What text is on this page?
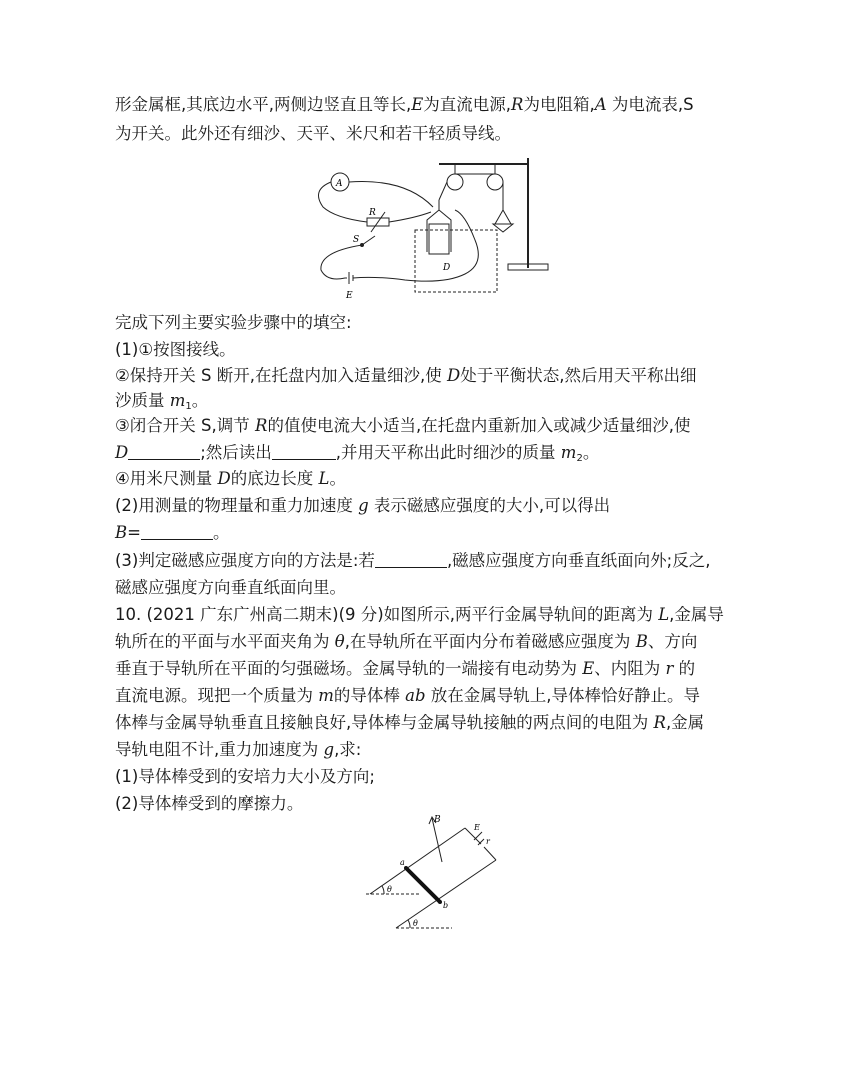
形金属框,其底边水平,两侧边竖直且等长,E为直流电源,R为电阻箱,A 为电流表,S
为开关。此外还有细沙、天平、米尺和若干轻质导线。
A
R
S
D
E
完成下列主要实验步骤中的填空:
(1)①按图接线。
②保持开关 S 断开,在托盘内加入适量细沙,使 D处于平衡状态,然后用天平称出细
沙质量 $m_1$。
③闭合开关 S,调节 R的值使电流大小适当,在托盘内重新加入或减少适量细沙,使
D	;然后读出	,并用天平称出此时细沙的质量 $m_2$。
④用米尺测量 D的底边长度 L。
(2)用测量的物理量和重力加速度 g 表示磁感应强度的大小,可以得出
B=	。
(3)判定磁感应强度方向的方法是:若	,磁感应强度方向垂直纸面向外;反之,
磁感应强度方向垂直纸面向里。
10. (2021 广东广州高二期末)(9 分)如图所示,两平行金属导轨间的距离为 L,金属导
轨所在的平面与水平面夹角为 θ,在导轨所在平面内分布着磁感应强度为 B、方向
垂直于导轨所在平面的匀强磁场。金属导轨的一端接有电动势为 E、内阻为 r 的
直流电源。现把一个质量为 m的导体棒 ab 放在金属导轨上,导体棒恰好静止。导
体棒与金属导轨垂直且接触良好,导体棒与金属导轨接触的两点间的电阻为 R,金属
导轨电阻不计,重力加速度为 g,求:
(1)导体棒受到的安培力大小及方向;
(2)导体棒受到的摩擦力。
B
E
r
a
b
θ
θ
